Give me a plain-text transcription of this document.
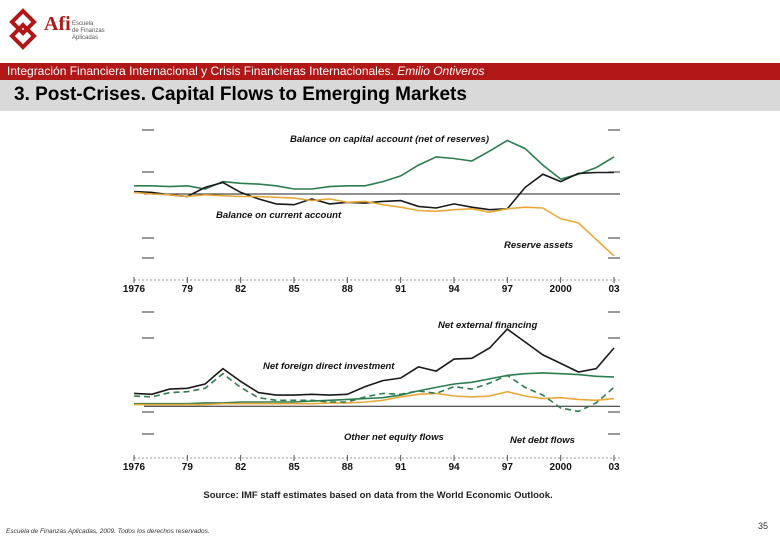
Afi Escuela
de Finanzas
Aplicadas
Integración Financiera Internacional y Crisis Financieras Internacionales. Emilio Ontiveros
3. Post-Crises. Capital Flows to Emerging Markets
1976	79	82	85	88	91	94	97	2000	03
Balance on capital account (net of reserves)
Balance on current account
Reserve assets
1976	79	82	85	88	91	94	97	2000	03
Net external financing
Net foreign direct investment
Other net equity flows	Net debt flows
Source: IMF staff estimates based on data from the World Economic Outlook.
Escuela de Finanzas Aplicadas, 2009. Todos los derechos reservados.
35
